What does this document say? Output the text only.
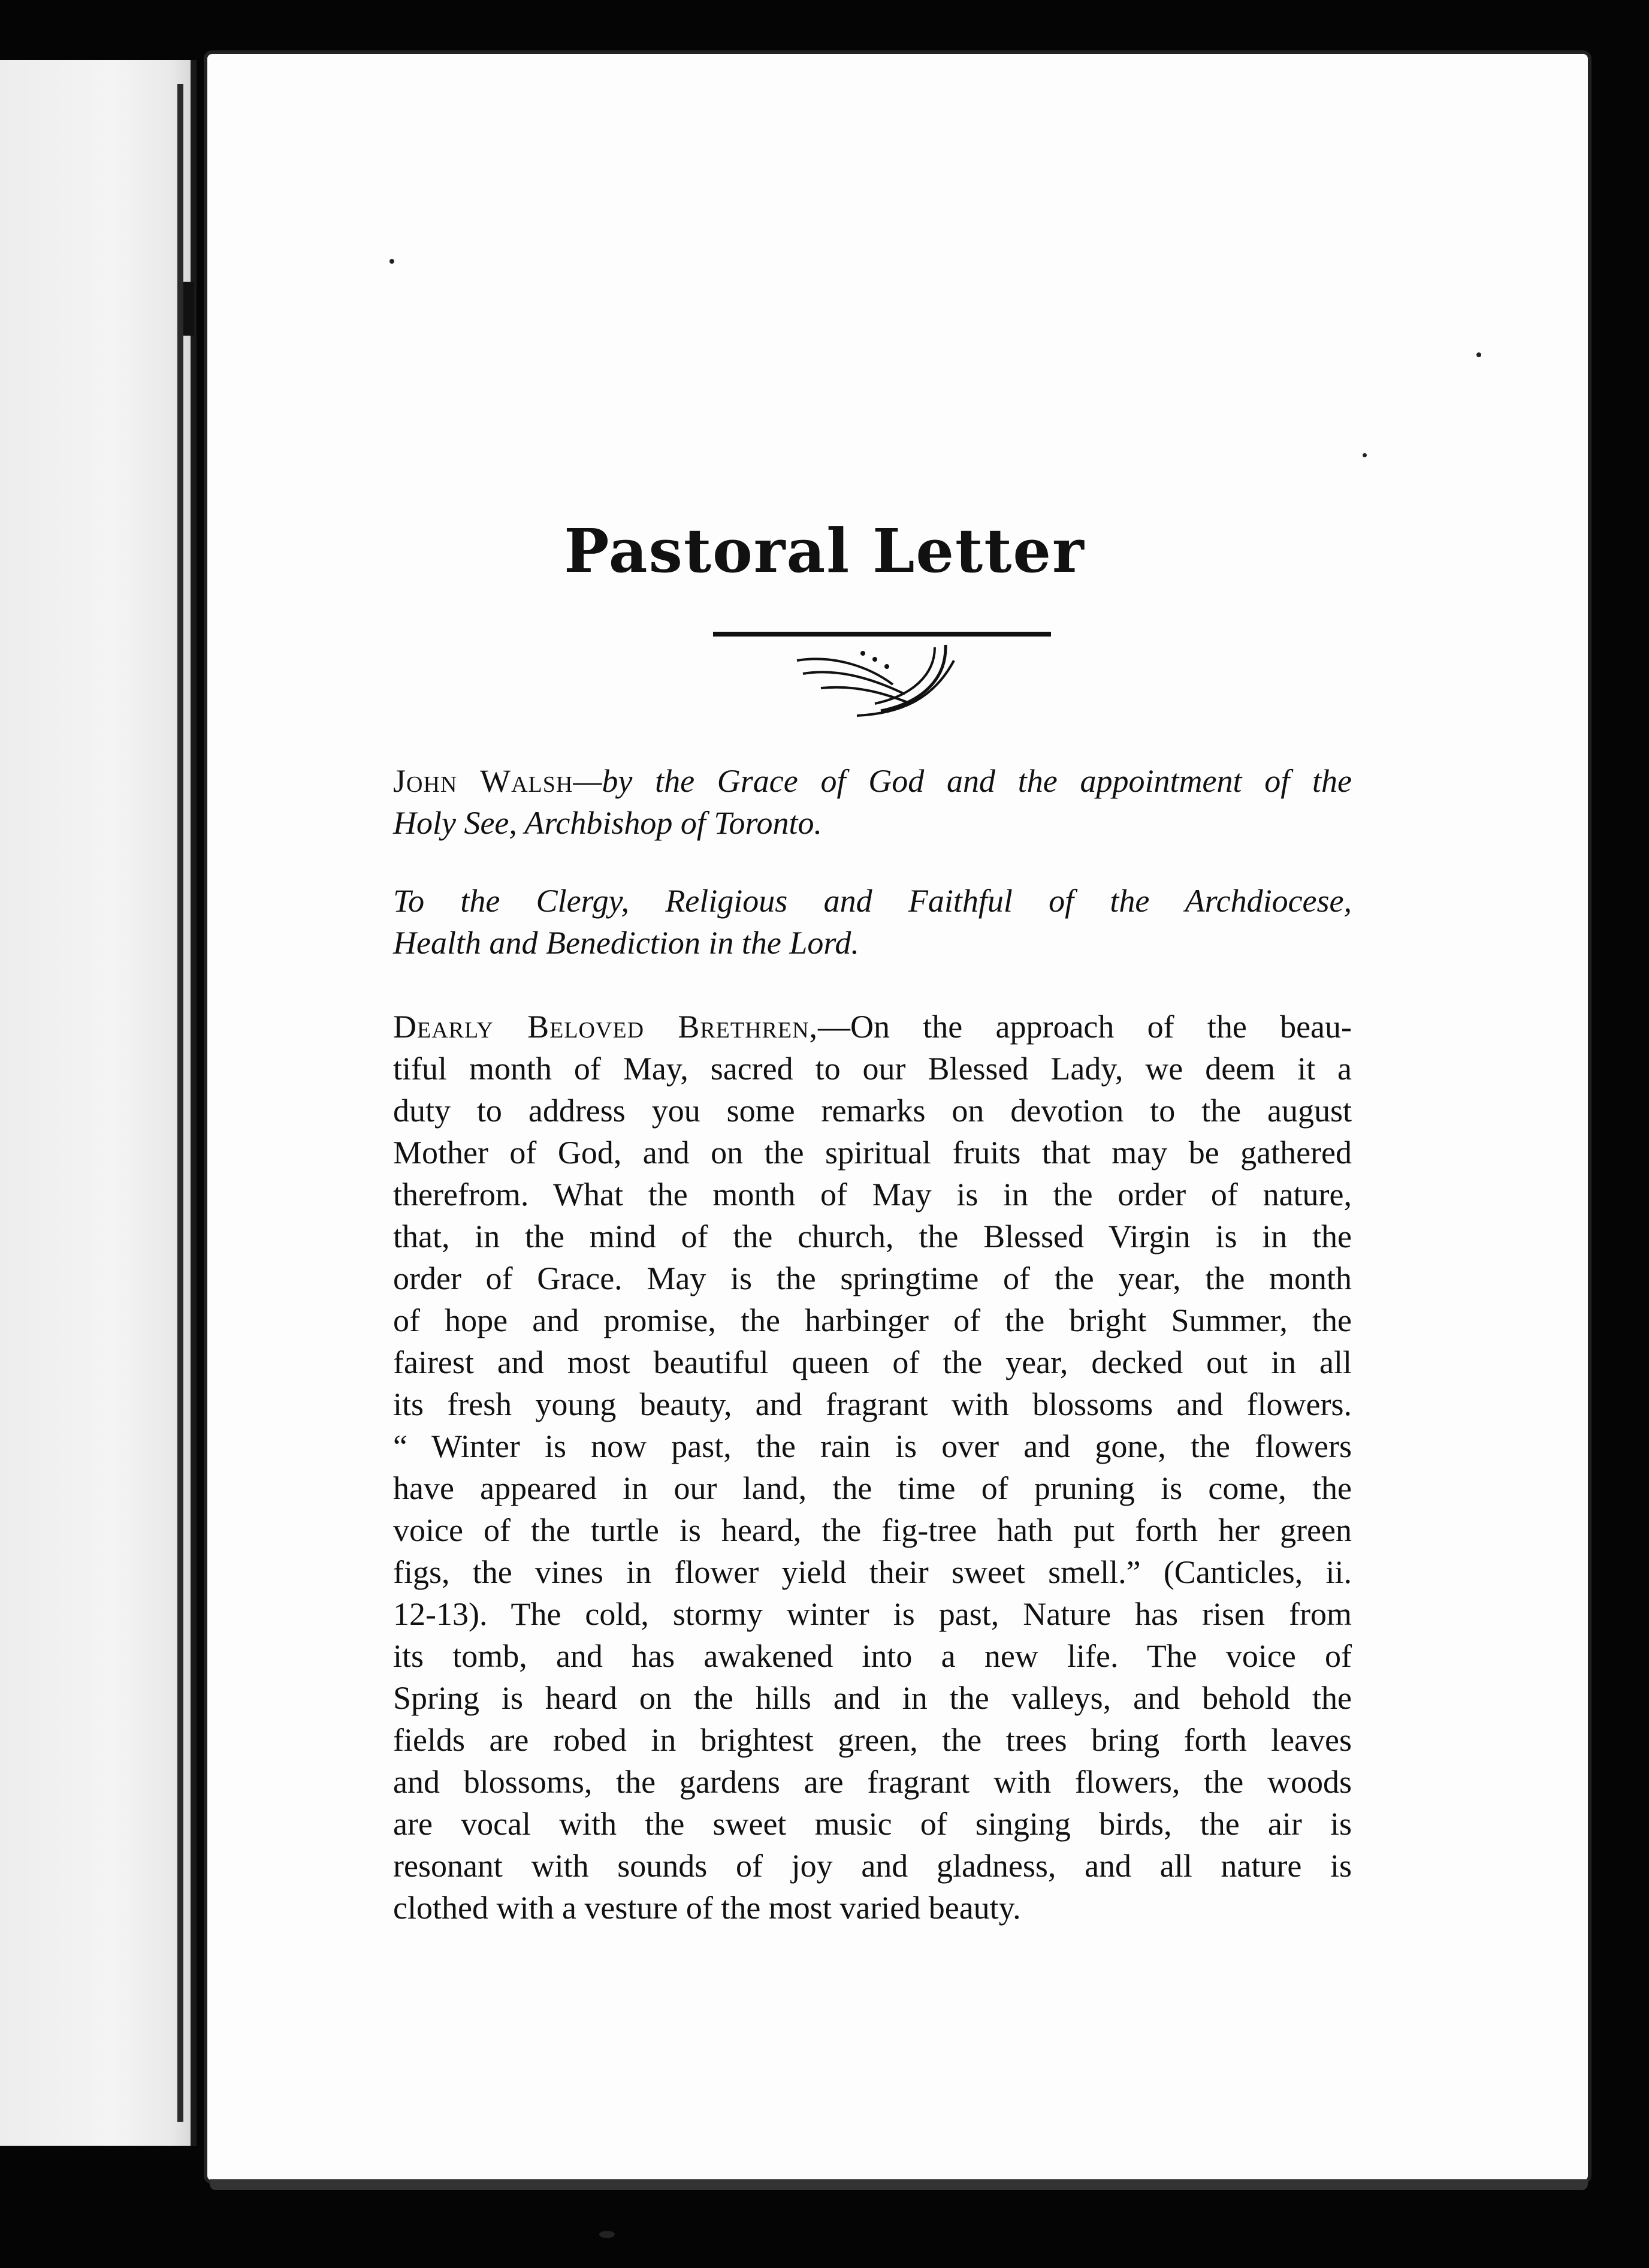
Pastoral Letter
John Walsh—by the Grace of God and the appointment of the
Holy See, Archbishop of Toronto.
To the Clergy, Religious and Faithful of the Archdiocese,
Health and Benediction in the Lord.
Dearly Beloved Brethren,—On the approach of the beau-
tiful month of May, sacred to our Blessed Lady, we deem it a
duty to address you some remarks on devotion to the august
Mother of God, and on the spiritual fruits that may be gathered
therefrom. What the month of May is in the order of nature,
that, in the mind of the church, the Blessed Virgin is in the
order of Grace. May is the springtime of the year, the month
of hope and promise, the harbinger of the bright Summer, the
fairest and most beautiful queen of the year, decked out in all
its fresh young beauty, and fragrant with blossoms and flowers.
“ Winter is now past, the rain is over and gone, the flowers
have appeared in our land, the time of pruning is come, the
voice of the turtle is heard, the fig-tree hath put forth her green
figs, the vines in flower yield their sweet smell.” (Canticles, ii.
12-13). The cold, stormy winter is past, Nature has risen from
its tomb, and has awakened into a new life. The voice of
Spring is heard on the hills and in the valleys, and behold the
fields are robed in brightest green, the trees bring forth leaves
and blossoms, the gardens are fragrant with flowers, the woods
are vocal with the sweet music of singing birds, the air is
resonant with sounds of joy and gladness, and all nature is
clothed with a vesture of the most varied beauty.
